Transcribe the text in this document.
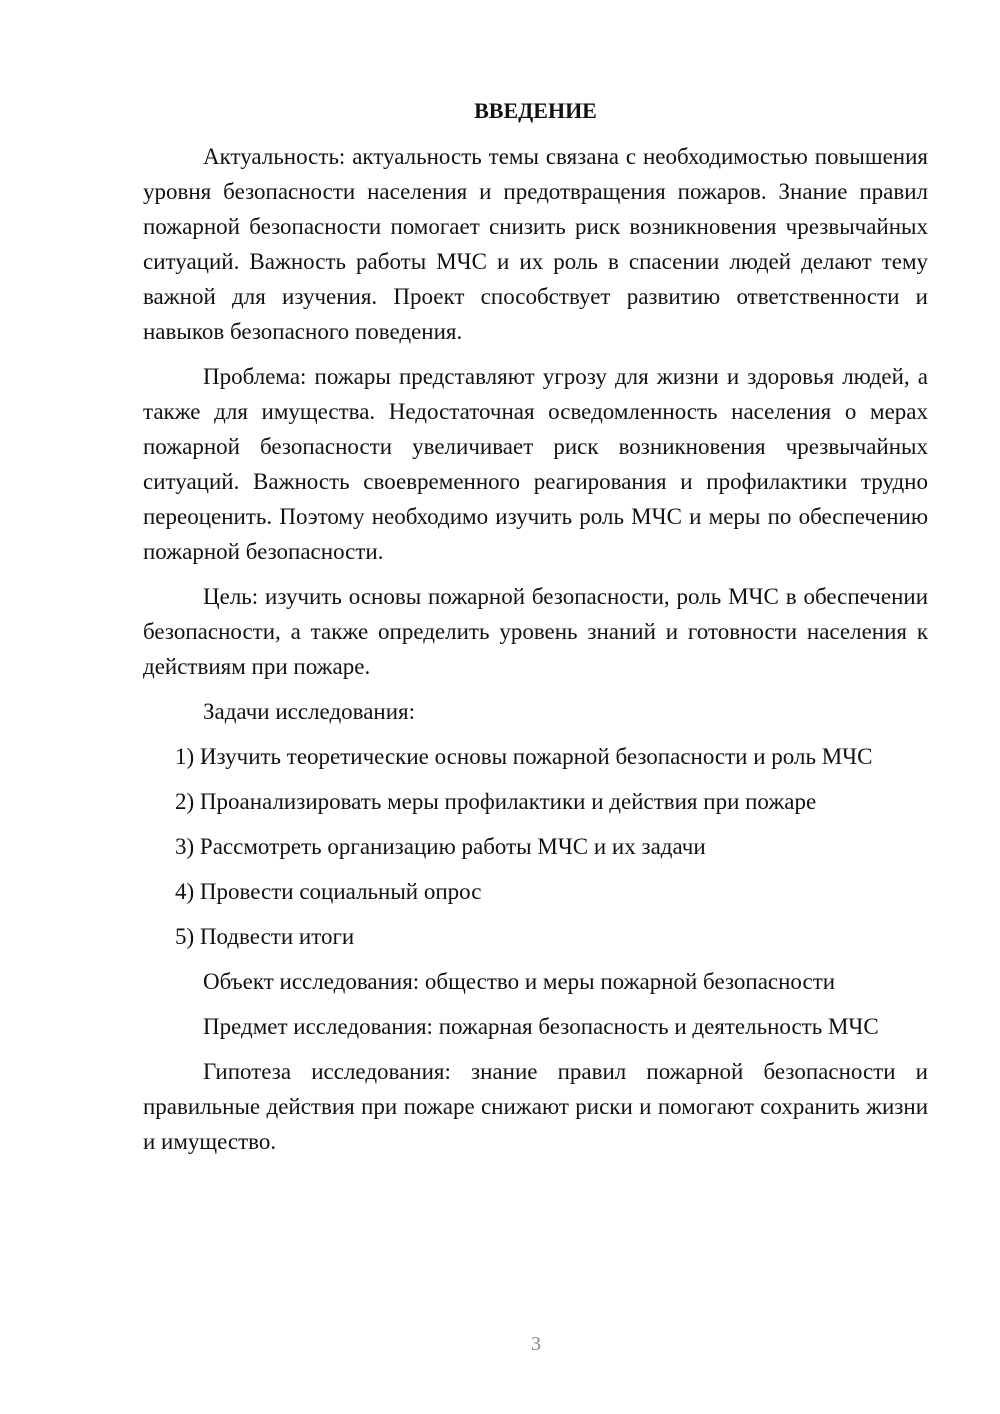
ВВЕДЕНИЕ

Актуальность: актуальность темы связана с необходимостью повышения уровня безопасности населения и предотвращения пожаров. Знание правил пожарной безопасности помогает снизить риск возникновения чрезвычайных ситуаций. Важность работы МЧС и их роль в спасении людей делают тему важной для изучения. Проект способствует развитию ответственности и навыков безопасного поведения.

Проблема: пожары представляют угрозу для жизни и здоровья людей, а также для имущества. Недостаточная осведомленность населения о мерах пожарной безопасности увеличивает риск возникновения чрезвычайных ситуаций. Важность своевременного реагирования и профилактики трудно переоценить. Поэтому необходимо изучить роль МЧС и меры по обеспечению пожарной безопасности.

Цель: изучить основы пожарной безопасности, роль МЧС в обеспечении безопасности, а также определить уровень знаний и готовности населения к действиям при пожаре.

Задачи исследования:

1) Изучить теоретические основы пожарной безопасности и роль МЧС

2) Проанализировать меры профилактики и действия при пожаре

3) Рассмотреть организацию работы МЧС и их задачи

4) Провести социальный опрос

5) Подвести итоги

Объект исследования: общество и меры пожарной безопасности

Предмет исследования: пожарная безопасность и деятельность МЧС

Гипотеза исследования: знание правил пожарной безопасности и правильные действия при пожаре снижают риски и помогают сохранить жизни и имущество.

3
